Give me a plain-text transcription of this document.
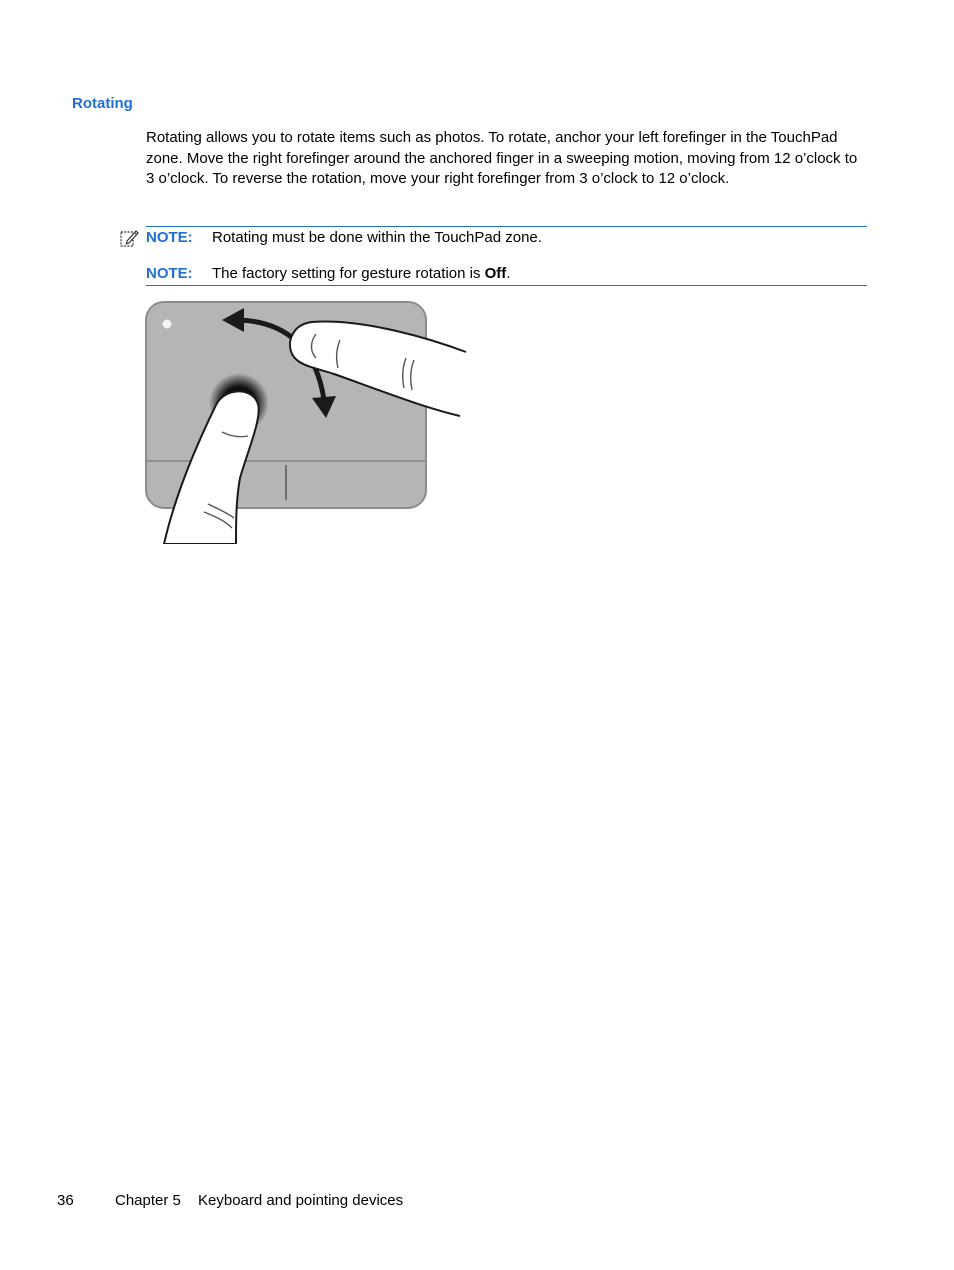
Rotating

Rotating allows you to rotate items such as photos. To rotate, anchor your left forefinger in the TouchPad zone. Move the right forefinger around the anchored finger in a sweeping motion, moving from 12 o’clock to 3 o’clock. To reverse the rotation, move your right forefinger from 3 o’clock to 12 o’clock.

NOTE: Rotating must be done within the TouchPad zone.
NOTE: The factory setting for gesture rotation is Off.
36	Chapter 5 Keyboard and pointing devices
